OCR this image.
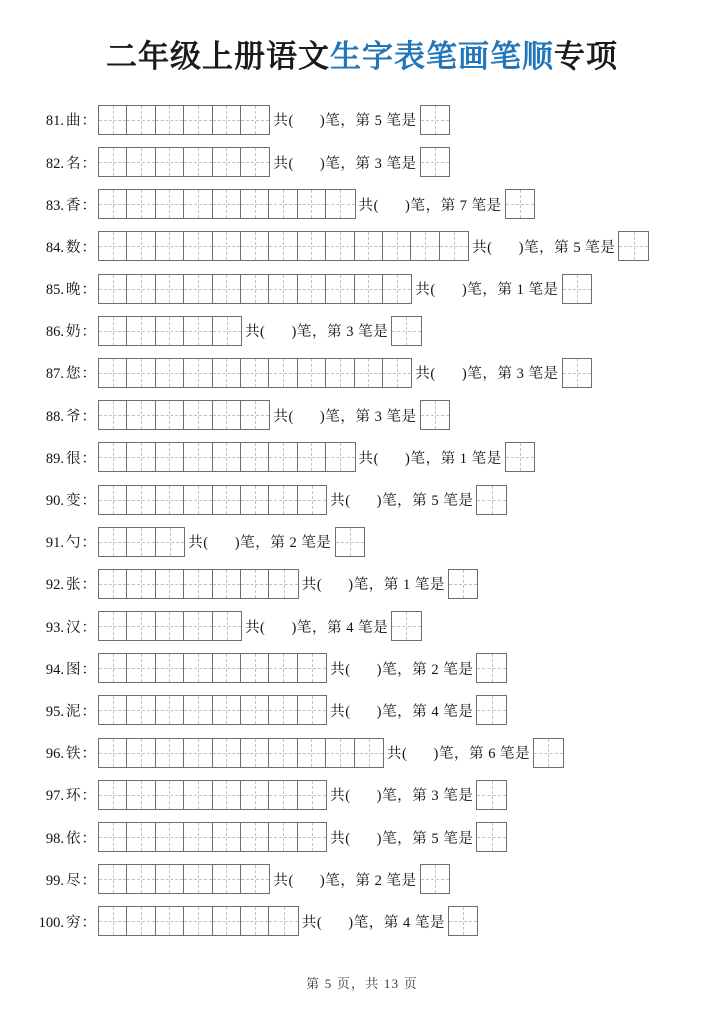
二年级上册语文生字表笔画笔顺专项
81. 曲：	共( )笔，第 5 笔是
82. 名：	共( )笔，第 3 笔是
83. 香：	共( )笔，第 7 笔是
84. 数：	共( )笔，第 5 笔是
85. 晚：	共( )笔，第 1 笔是
86. 奶：	共( )笔，第 3 笔是
87. 您：	共( )笔，第 3 笔是
88. 爷：	共( )笔，第 3 笔是
89. 很：	共( )笔，第 1 笔是
90. 变：	共( )笔，第 5 笔是
91. 勺：	共( )笔，第 2 笔是
92. 张：	共( )笔，第 1 笔是
93. 汉：	共( )笔，第 4 笔是
94. 图：	共( )笔，第 2 笔是
95. 泥：	共( )笔，第 4 笔是
96. 铁：	共( )笔，第 6 笔是
97. 环：	共( )笔，第 3 笔是
98. 依：	共( )笔，第 5 笔是
99. 尽：	共( )笔，第 2 笔是
100. 穷：	共( )笔，第 4 笔是
第 5 页，共 13 页
